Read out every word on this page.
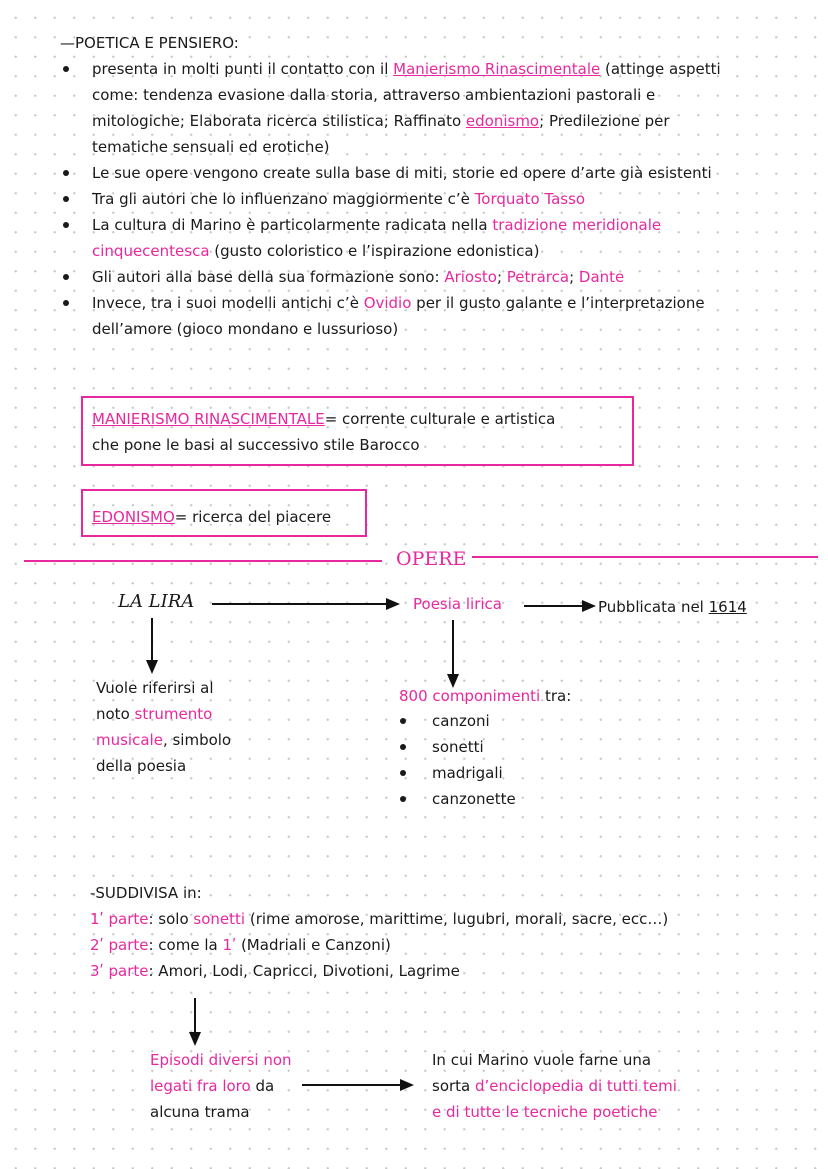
—POETICA E PENSIERO:
presenta in molti punti il contatto con il Manierismo Rinascimentale (attinge aspetti
come: tendenza evasione dalla storia, attraverso ambientazioni pastorali e
mitologiche; Elaborata ricerca stilistica; Raffinato edonismo; Predilezione per
tematiche sensuali ed erotiche)
Le sue opere vengono create sulla base di miti, storie ed opere d’arte già esistenti
Tra gli autori che lo influenzano maggiormente c’è Torquato Tasso
La cultura di Marino è particolarmente radicata nella tradizione meridionale
cinquecentesca (gusto coloristico e l’ispirazione edonistica)
Gli autori alla base della sua formazione sono: Ariosto; Petrarca; Dante
Invece, tra i suoi modelli antichi c’è Ovidio per il gusto galante e l’interpretazione
dell’amore (gioco mondano e lussurioso)
MANIERISMO RINASCIMENTALE= corrente culturale e artistica
che pone le basi al successivo stile Barocco
EDONISMO= ricerca del piacere
OPERE
LA LIRA	Poesia lirica	Pubblicata nel 1614
Vuole riferirsi al
noto strumento
musicale, simbolo
della poesia
800 componimenti tra:
canzoni
sonetti
madrigali
canzonette
-SUDDIVISA in:
1ʹ parte: solo sonetti (rime amorose, marittime, lugubri, morali, sacre, ecc…)
2ʹ parte: come la 1ʹ (Madriali e Canzoni)
3ʹ parte: Amori, Lodi, Capricci, Divotioni, Lagrime
Episodi diversi non
legati fra loro da
alcuna trama
In cui Marino vuole farne una
sorta d’enciclopedia di tutti temi
e di tutte le tecniche poetiche
